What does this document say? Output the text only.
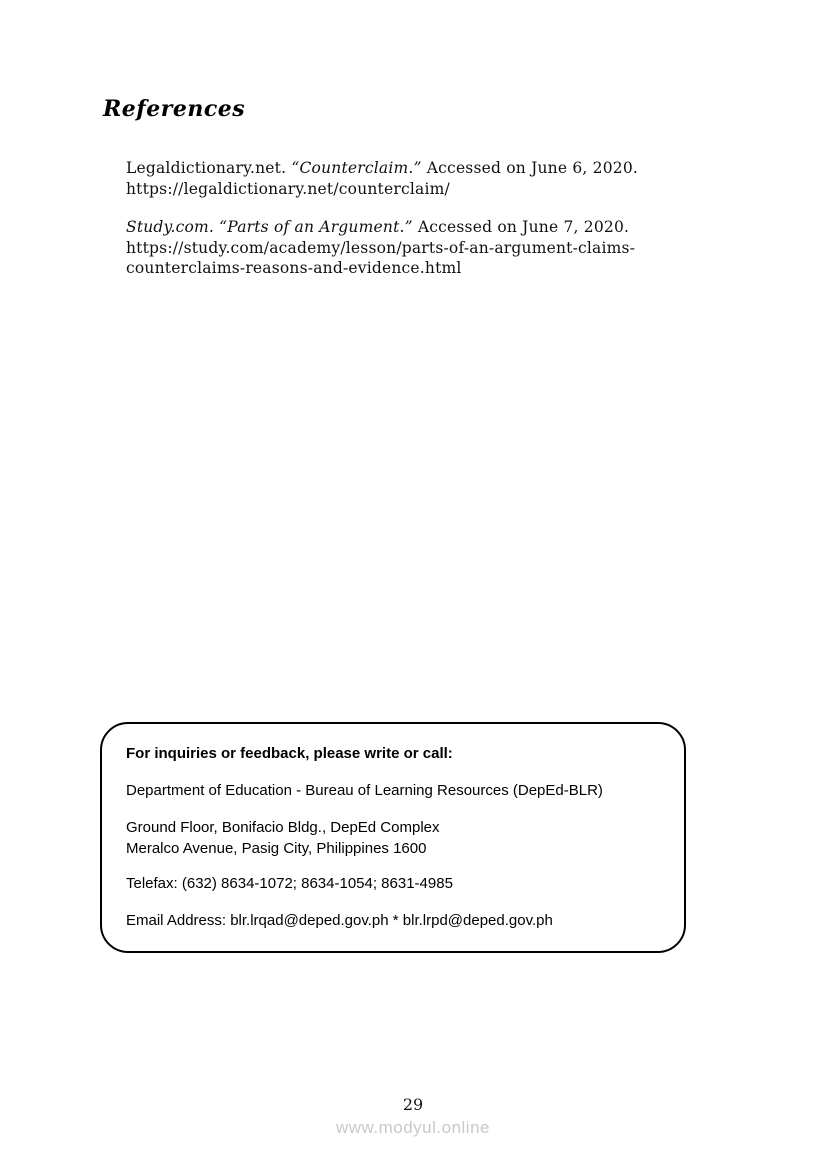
References

Legaldictionary.net. “Counterclaim.” Accessed on June 6, 2020.
https://legaldictionary.net/counterclaim/

Study.com. “Parts of an Argument.” Accessed on June 7, 2020.
https://study.com/academy/lesson/parts-of-an-argument-claims-
counterclaims-reasons-and-evidence.html

For inquiries or feedback, please write or call:

Department of Education - Bureau of Learning Resources (DepEd-BLR)

Ground Floor, Bonifacio Bldg., DepEd Complex
Meralco Avenue, Pasig City, Philippines 1600

Telefax: (632) 8634-1072; 8634-1054; 8631-4985

Email Address: blr.lrqad@deped.gov.ph * blr.lrpd@deped.gov.ph

29
www.modyul.online
